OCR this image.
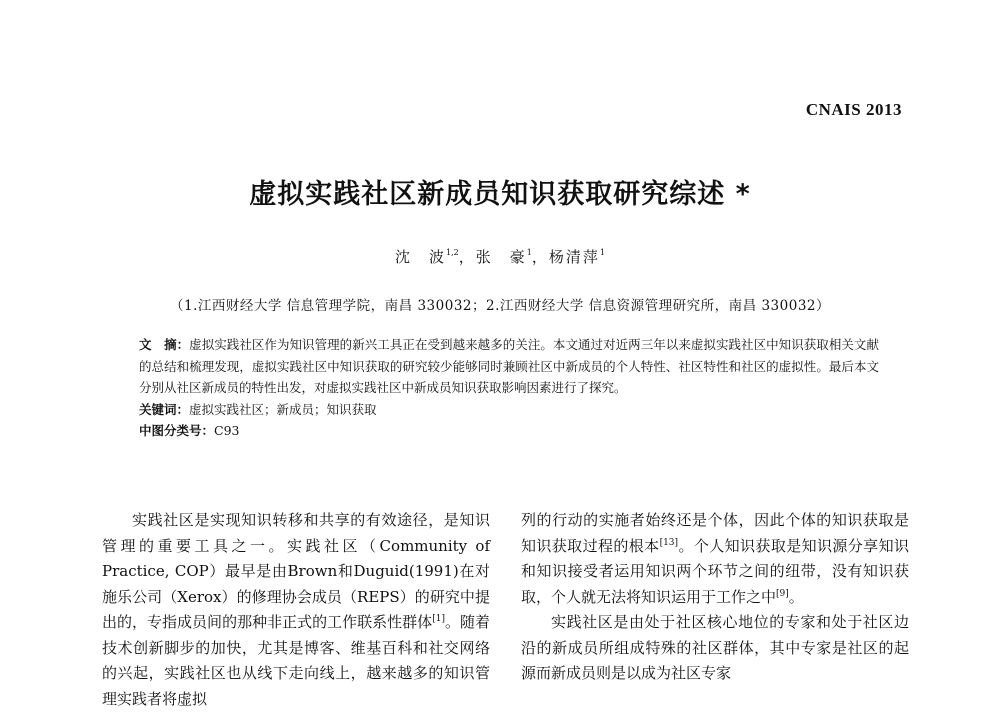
CNAIS 2013
虚拟实践社区新成员知识获取研究综述 *
沈　波$^{1,2}$，张　豪$^1$，杨清萍$^1$
（1.江西财经大学 信息管理学院，南昌 330032；2.江西财经大学 信息资源管理研究所，南昌 330032）

文　摘：虚拟实践社区作为知识管理的新兴工具正在受到越来越多的关注。本文通过对近两三年以来虚拟实践社区中知识获取相关文献的总结和梳理发现，虚拟实践社区中知识获取的研究较少能够同时兼顾社区中新成员的个人特性、社区特性和社区的虚拟性。最后本文分别从社区新成员的特性出发，对虚拟实践社区中新成员知识获取影响因素进行了探究。

关键词：虚拟实践社区；新成员；知识获取

中图分类号：C93

实践社区是实现知识转移和共享的有效途径，是知识管理的重要工具之一。实践社区（Community of Practice, COP）最早是由Brown和Duguid(1991)在对施乐公司（Xerox）的修理协会成员（REPS）的研究中提出的，专指成员间的那种非正式的工作联系性群体[1]。随着技术创新脚步的加快，尤其是博客、维基百科和社交网络的兴起，实践社区也从线下走向线上，越来越多的知识管理实践者将虚拟

列的行动的实施者始终还是个体，因此个体的知识获取是知识获取过程的根本[13]。个人知识获取是知识源分享知识和知识接受者运用知识两个环节之间的纽带，没有知识获取，个人就无法将知识运用于工作之中[9]。

实践社区是由处于社区核心地位的专家和处于社区边沿的新成员所组成特殊的社区群体，其中专家是社区的起源而新成员则是以成为社区专家
